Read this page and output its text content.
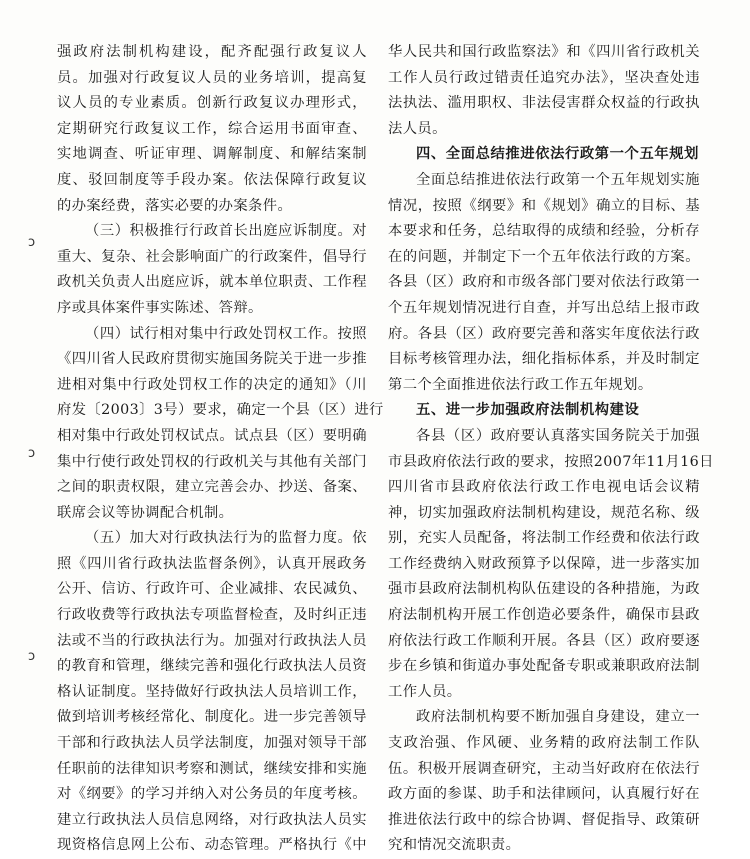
ɔ
ɔ
ɔ
强政府法制机构建设，配齐配强行政复议人
员。加强对行政复议人员的业务培训，提高复
议人员的专业素质。创新行政复议办理形式，
定期研究行政复议工作，综合运用书面审查、
实地调查、听证审理、调解制度、和解结案制
度、驳回制度等手段办案。依法保障行政复议
的办案经费，落实必要的办案条件。
（三）积极推行行政首长出庭应诉制度。对
重大、复杂、社会影响面广的行政案件，倡导行
政机关负责人出庭应诉，就本单位职责、工作程
序或具体案件事实陈述、答辩。
（四）试行相对集中行政处罚权工作。按照
《四川省人民政府贯彻实施国务院关于进一步推
进相对集中行政处罚权工作的决定的通知》（川
府发〔2003〕3号）要求，确定一个县（区）进行
相对集中行政处罚权试点。试点县（区）要明确
集中行使行政处罚权的行政机关与其他有关部门
之间的职责权限，建立完善会办、抄送、备案、
联席会议等协调配合机制。
（五）加大对行政执法行为的监督力度。依
照《四川省行政执法监督条例》，认真开展政务
公开、信访、行政许可、企业减排、农民减负、
行政收费等行政执法专项监督检查，及时纠正违
法或不当的行政执法行为。加强对行政执法人员
的教育和管理，继续完善和强化行政执法人员资
格认证制度。坚持做好行政执法人员培训工作，
做到培训考核经常化、制度化。进一步完善领导
干部和行政执法人员学法制度，加强对领导干部
任职前的法律知识考察和测试，继续安排和实施
对《纲要》的学习并纳入对公务员的年度考核。
建立行政执法人员信息网络，对行政执法人员实
现资格信息网上公布、动态管理。严格执行《中
华人民共和国行政监察法》和《四川省行政机关
工作人员行政过错责任追究办法》，坚决查处违
法执法、滥用职权、非法侵害群众权益的行政执
法人员。
四、全面总结推进依法行政第一个五年规划
全面总结推进依法行政第一个五年规划实施
情况，按照《纲要》和《规划》确立的目标、基
本要求和任务，总结取得的成绩和经验，分析存
在的问题，并制定下一个五年依法行政的方案。
各县（区）政府和市级各部门要对依法行政第一
个五年规划情况进行自查，并写出总结上报市政
府。各县（区）政府要完善和落实年度依法行政
目标考核管理办法，细化指标体系，并及时制定
第二个全面推进依法行政工作五年规划。
五、进一步加强政府法制机构建设
各县（区）政府要认真落实国务院关于加强
市县政府依法行政的要求，按照2007年11月16日
四川省市县政府依法行政工作电视电话会议精
神，切实加强政府法制机构建设，规范名称、级
别，充实人员配备，将法制工作经费和依法行政
工作经费纳入财政预算予以保障，进一步落实加
强市县政府法制机构队伍建设的各种措施，为政
府法制机构开展工作创造必要条件，确保市县政
府依法行政工作顺利开展。各县（区）政府要逐
步在乡镇和街道办事处配备专职或兼职政府法制
工作人员。
政府法制机构要不断加强自身建设，建立一
支政治强、作风硬、业务精的政府法制工作队
伍。积极开展调查研究，主动当好政府在依法行
政方面的参谋、助手和法律顾问，认真履行好在
推进依法行政中的综合协调、督促指导、政策研
究和情况交流职责。
